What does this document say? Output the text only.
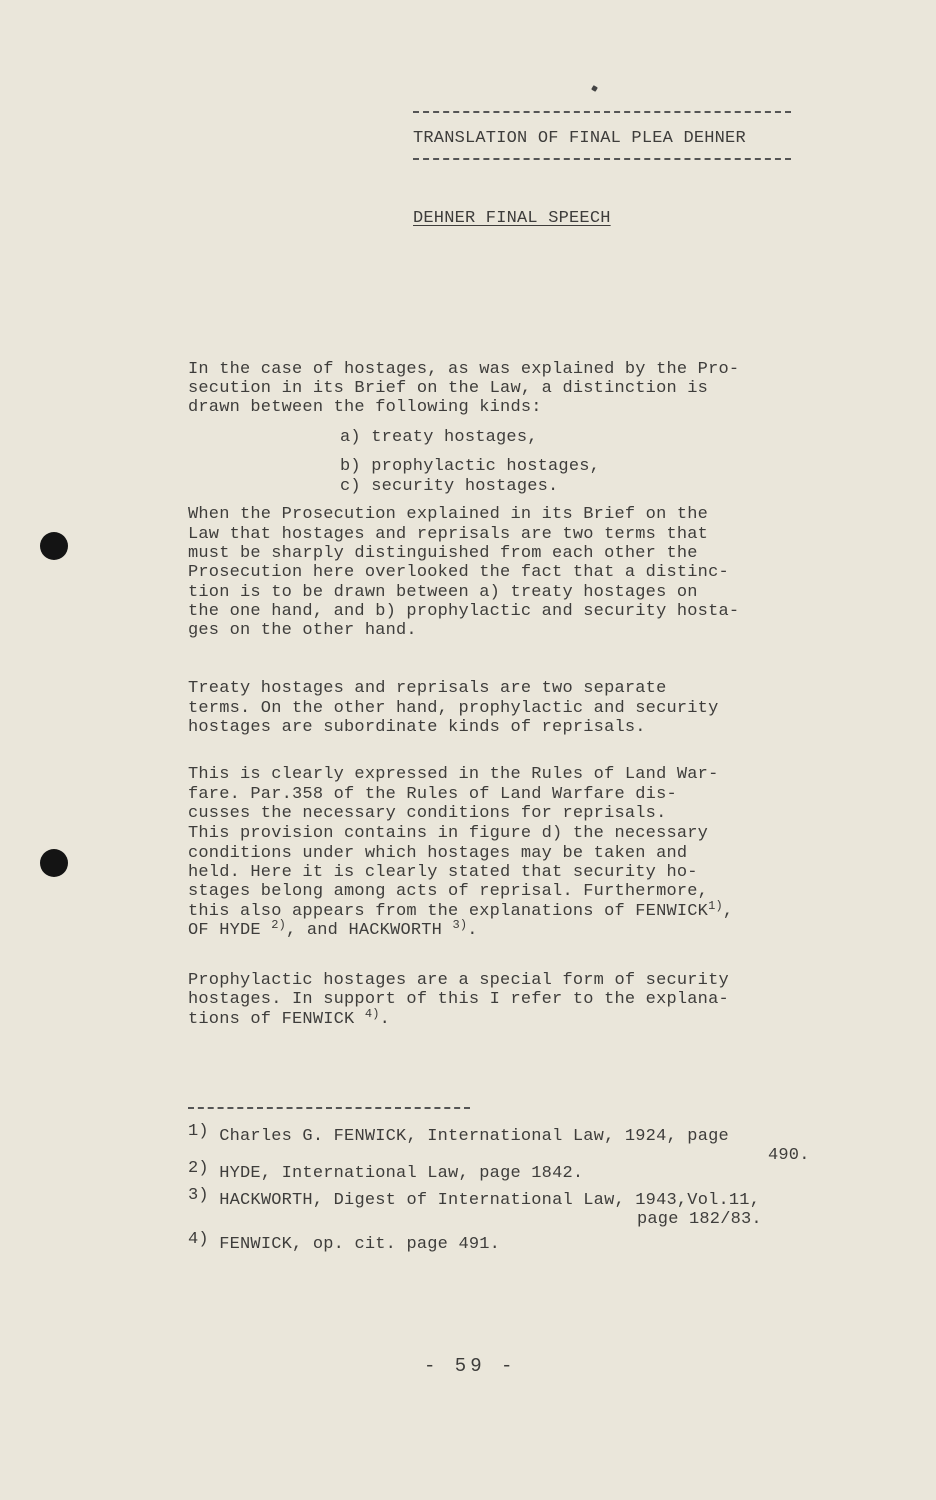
TRANSLATION OF FINAL PLEA DEHNER
DEHNER FINAL SPEECH
In the case of hostages, as was explained by the Pro-
secution in its Brief on the Law, a distinction is
drawn between the following kinds:
a) treaty hostages,
b) prophylactic hostages,
c) security hostages.
When the Prosecution explained in its Brief on the
Law that hostages and reprisals are two terms that
must be sharply distinguished from each other the
Prosecution here overlooked the fact that a distinc-
tion is to be drawn between a) treaty hostages on
the one hand, and b) prophylactic and security hosta-
ges on the other hand.
Treaty hostages and reprisals are two separate
terms. On the other hand, prophylactic and security
hostages are subordinate kinds of reprisals.
This is clearly expressed in the Rules of Land War-
fare. Par.358 of the Rules of Land Warfare dis-
cusses the necessary conditions for reprisals.
This provision contains in figure d) the necessary
conditions under which hostages may be taken and
held. Here it is clearly stated that security ho-
stages belong among acts of reprisal. Furthermore,
this also appears from the explanations of FENWICK$^{1)}$,
OF HYDE $^{2)}$, and HACKWORTH $^{3)}$.
Prophylactic hostages are a special form of security
hostages. In support of this I refer to the explana-
tions of FENWICK $^{4)}$.
1) Charles G. FENWICK, International Law, 1924, page
490.
2) HYDE, International Law, page 1842.
3) HACKWORTH, Digest of International Law, 1943,Vol.11,
page 182/83.
4) FENWICK, op. cit. page 491.
- 59 -
